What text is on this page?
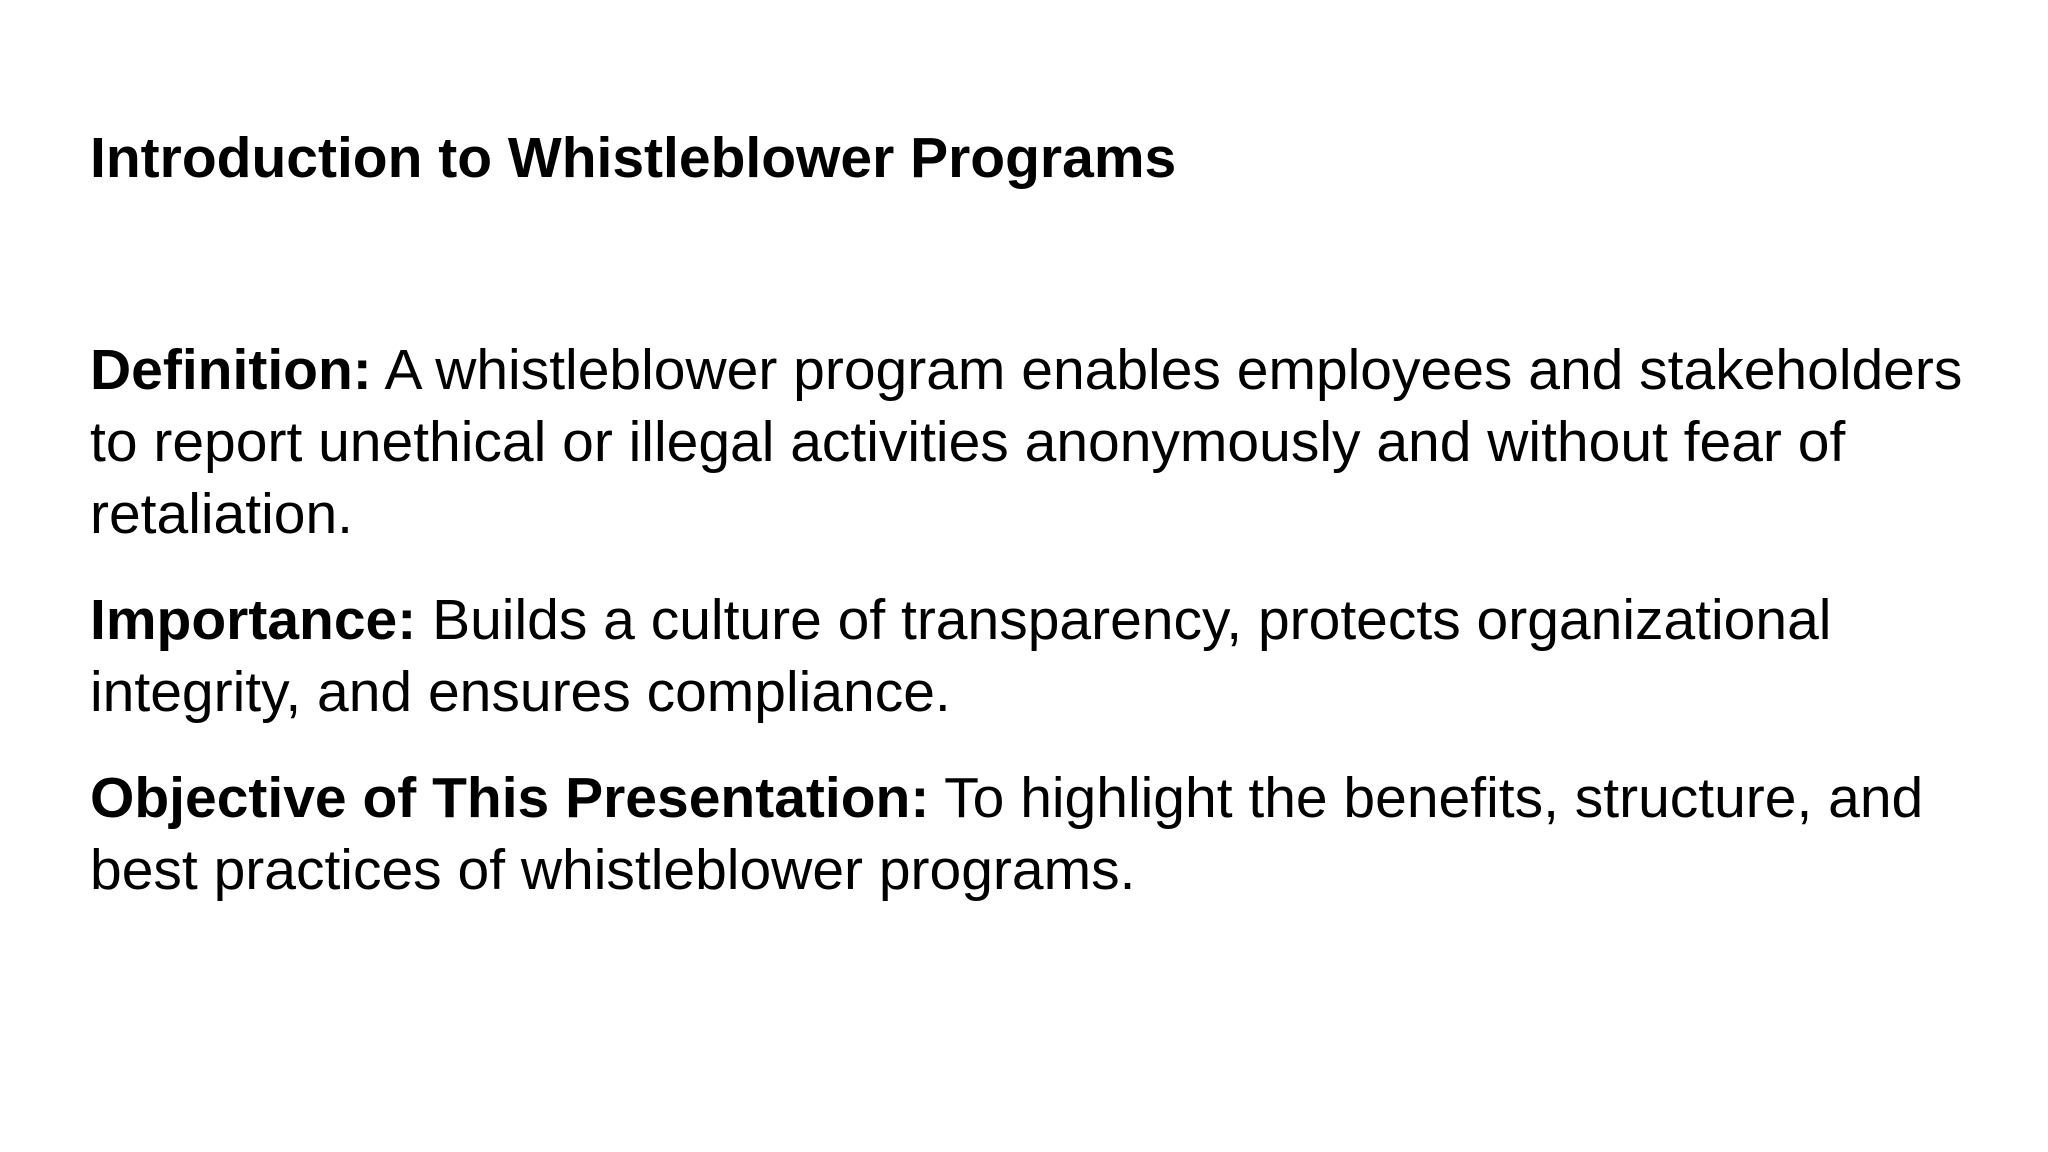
Introduction to Whistleblower Programs

Definition: A whistleblower program enables employees and stakeholders to report unethical or illegal activities anonymously and without fear of retaliation.

Importance: Builds a culture of transparency, protects organizational integrity, and ensures compliance.

Objective of This Presentation: To highlight the benefits, structure, and best practices of whistleblower programs.
